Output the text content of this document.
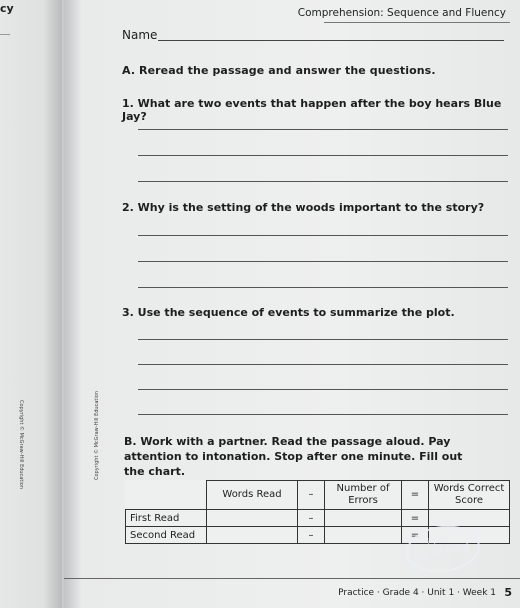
cy
Copyright © McGraw-Hill Education
Comprehension: Sequence and Fluency
Name
A. Reread the passage and answer the questions.
1. What are two events that happen after the boy hears Blue Jay?
2. Why is the setting of the woods important to the story?
3. Use the sequence of events to summarize the plot.
Copyright © McGraw-Hill Education B. Work with a partner. Read the passage aloud. Pay attention to intonation. Stop after one minute. Fill out the chart.
	Words Read	–	Number of Errors	=	Words Correct Score
First Read		–		=	
Second Read		–		=	
Practice · Grade 4 · Unit 1 · Week 1 5
中国图书
进口图书商城
